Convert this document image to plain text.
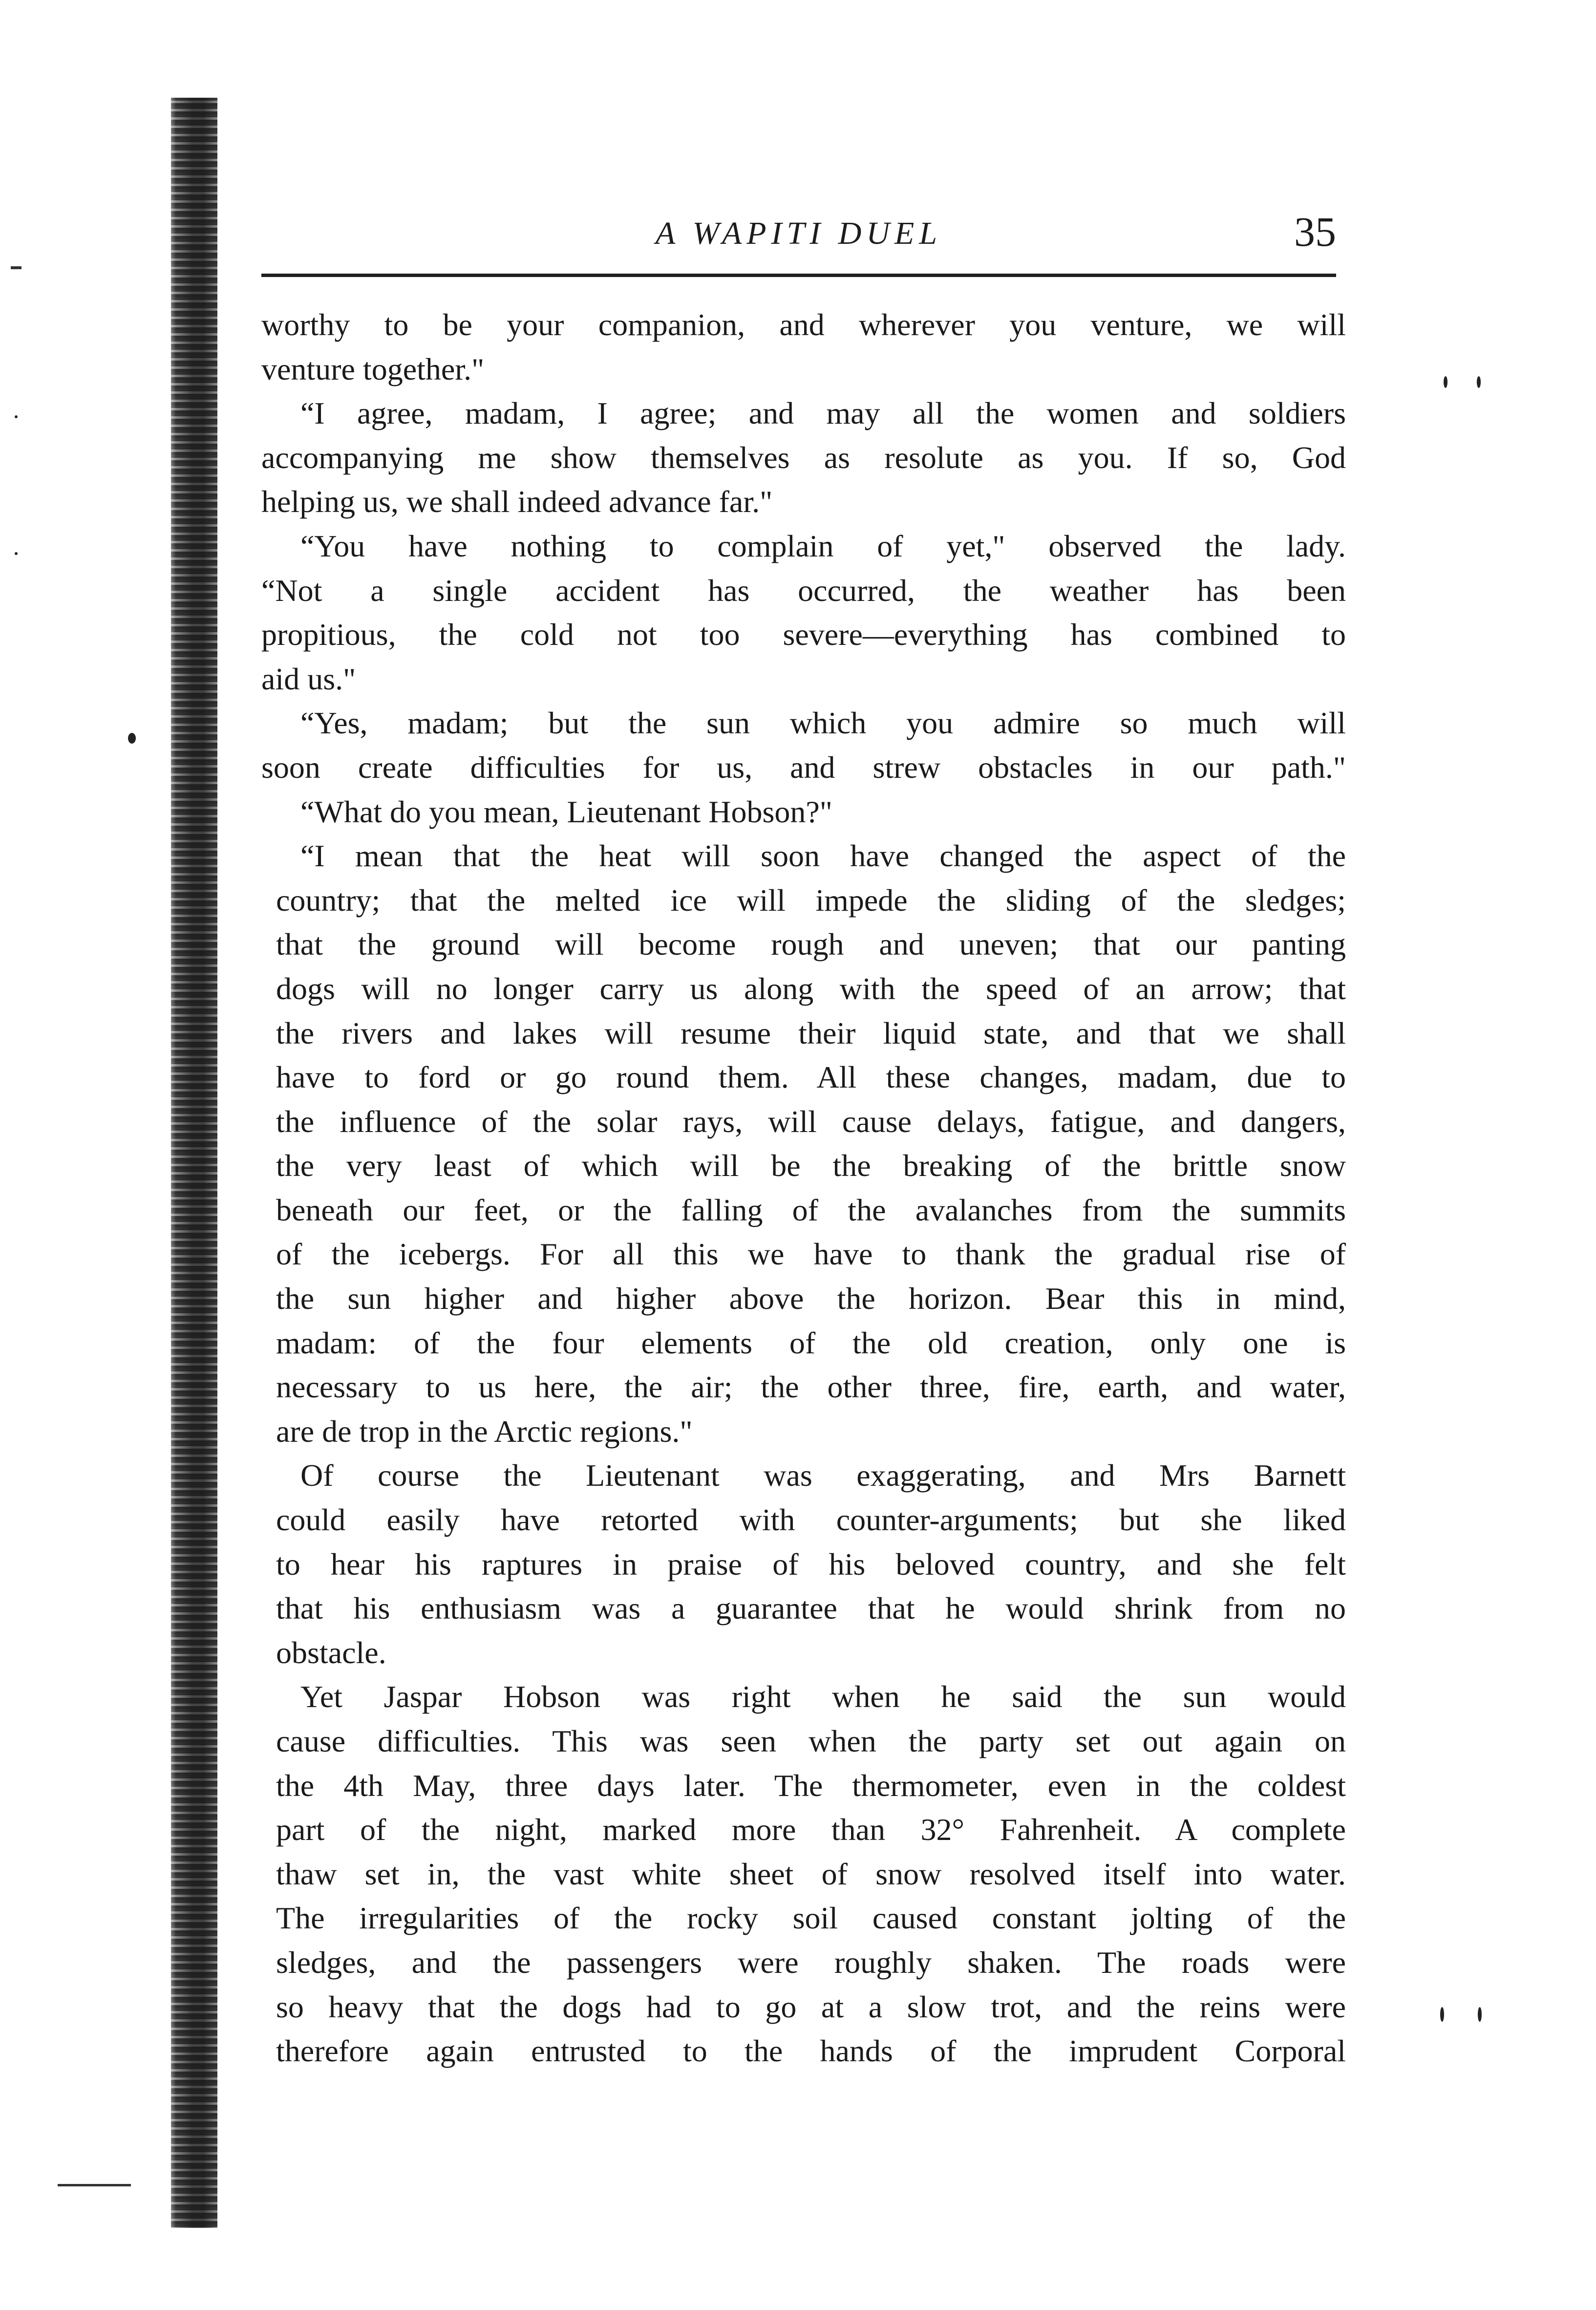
A WAPITI DUEL	35
worthy to be your companion, and wherever you venture, we will
venture together."
“I agree, madam, I agree; and may all the women and soldiers
accompanying me show themselves as resolute as you. If so, God
helping us, we shall indeed advance far."
“You have nothing to complain of yet," observed the lady.
“Not a single accident has occurred, the weather has been
propitious, the cold not too severe—everything has combined to
aid us."
“Yes, madam; but the sun which you admire so much will
soon create difficulties for us, and strew obstacles in our path."
“What do you mean, Lieutenant Hobson?"
“I mean that the heat will soon have changed the aspect of the
country; that the melted ice will impede the sliding of the sledges;
that the ground will become rough and uneven; that our panting
dogs will no longer carry us along with the speed of an arrow; that
the rivers and lakes will resume their liquid state, and that we shall
have to ford or go round them. All these changes, madam, due to
the influence of the solar rays, will cause delays, fatigue, and dangers,
the very least of which will be the breaking of the brittle snow
beneath our feet, or the falling of the avalanches from the summits
of the icebergs. For all this we have to thank the gradual rise of
the sun higher and higher above the horizon. Bear this in mind,
madam: of the four elements of the old creation, only one is
necessary to us here, the air; the other three, fire, earth, and water,
are de trop in the Arctic regions."
Of course the Lieutenant was exaggerating, and Mrs Barnett
could easily have retorted with counter-arguments; but she liked
to hear his raptures in praise of his beloved country, and she felt
that his enthusiasm was a guarantee that he would shrink from no
obstacle.
Yet Jaspar Hobson was right when he said the sun would
cause difficulties. This was seen when the party set out again on
the 4th May, three days later. The thermometer, even in the coldest
part of the night, marked more than 32° Fahrenheit. A complete
thaw set in, the vast white sheet of snow resolved itself into water.
The irregularities of the rocky soil caused constant jolting of the
sledges, and the passengers were roughly shaken. The roads were
so heavy that the dogs had to go at a slow trot, and the reins were
therefore again entrusted to the hands of the imprudent Corporal
